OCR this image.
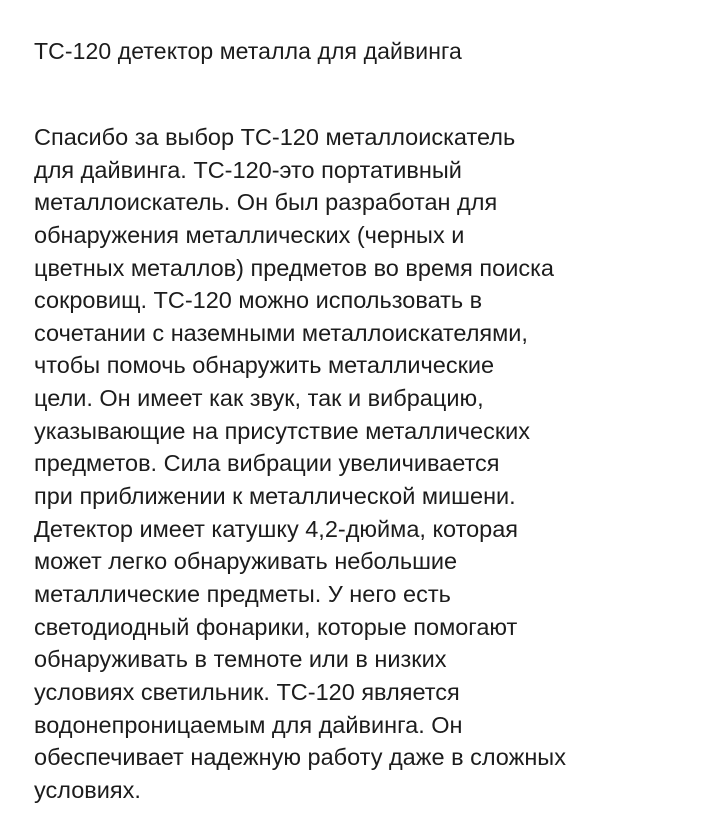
ТС-120 детектор металла для дайвинга
Спасибо за выбор ТС-120 металлоискатель
для дайвинга. ТС-120-это портативный
металлоискатель. Он был разработан для
обнаружения металлических (черных и
цветных металлов) предметов во время поиска
сокровищ. ТС-120 можно использовать в
сочетании с наземными металлоискателями,
чтобы помочь обнаружить металлические
цели. Он имеет как звук, так и вибрацию,
указывающие на присутствие металлических
предметов. Сила вибрации увеличивается
при приближении к металлической мишени.
Детектор имеет катушку 4,2-дюйма, которая
может легко обнаруживать небольшие
металлические предметы. У него есть
светодиодный фонарики, которые помогают
обнаруживать в темноте или в низких
условиях светильник. ТС-120 является
водонепроницаемым для дайвинга. Он
обеспечивает надежную работу даже в сложных
условиях.
